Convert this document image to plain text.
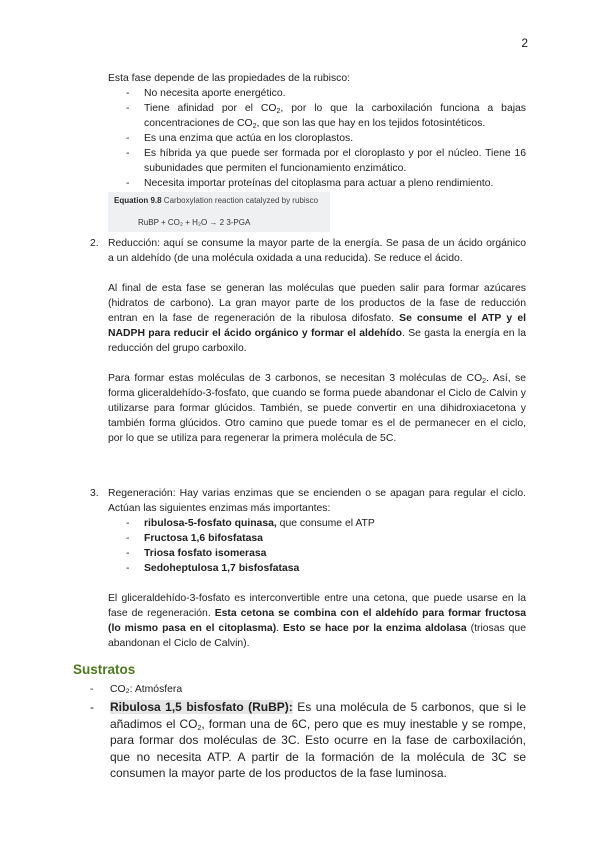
2
Esta fase depende de las propiedades de la rubisco:
- No necesita aporte energético.
- Tiene afinidad por el $CO_2$, por lo que la carboxilación funciona a bajas concentraciones de $CO_2$, que son las que hay en los tejidos fotosintéticos.
- Es una enzima que actúa en los cloroplastos.
- Es híbrida ya que puede ser formada por el cloroplasto y por el núcleo. Tiene 16 subunidades que permiten el funcionamiento enzimático.
- Necesita importar proteínas del citoplasma para actuar a pleno rendimiento.
Equation 9.8 Carboxylation reaction catalyzed by rubisco
RuBP + CO₂ + H₂O → 2 3-PGA
2. Reducción: aquí se consume la mayor parte de la energía. Se pasa de un ácido orgánico a un aldehído (de una molécula oxidada a una reducida). Se reduce el ácido.
Al final de esta fase se generan las moléculas que pueden salir para formar azúcares (hidratos de carbono). La gran mayor parte de los productos de la fase de reducción entran en la fase de regeneración de la ribulosa difosfato. Se consume el ATP y el NADPH para reducir el ácido orgánico y formar el aldehído. Se gasta la energía en la reducción del grupo carboxilo.
Para formar estas moléculas de 3 carbonos, se necesitan 3 moléculas de $CO_2$. Así, se forma gliceraldehído-3-fosfato, que cuando se forma puede abandonar el Ciclo de Calvin y utilizarse para formar glúcidos. También, se puede convertir en una dihidroxiacetona y también forma glúcidos. Otro camino que puede tomar es el de permanecer en el ciclo, por lo que se utiliza para regenerar la primera molécula de 5C.
3. Regeneración: Hay varias enzimas que se encienden o se apagan para regular el ciclo. Actúan las siguientes enzimas más importantes:
- ribulosa-5-fosfato quinasa, que consume el ATP
- Fructosa 1,6 bifosfatasa
- Triosa fosfato isomerasa
- Sedoheptulosa 1,7 bisfosfatasa
El gliceraldehído-3-fosfato es interconvertible entre una cetona, que puede usarse en la fase de regeneración. Esta cetona se combina con el aldehído para formar fructosa (lo mismo pasa en el citoplasma). Esto se hace por la enzima aldolasa (triosas que abandonan el Ciclo de Calvin).
Sustratos
- CO₂: Atmósfera
- Ribulosa 1,5 bisfosfato (RuBP): Es una molécula de 5 carbonos, que si le añadimos el $CO_2$, forman una de 6C, pero que es muy inestable y se rompe, para formar dos moléculas de 3C. Esto ocurre en la fase de carboxilación, que no necesita ATP. A partir de la formación de la molécula de 3C se consumen la mayor parte de los productos de la fase luminosa.
